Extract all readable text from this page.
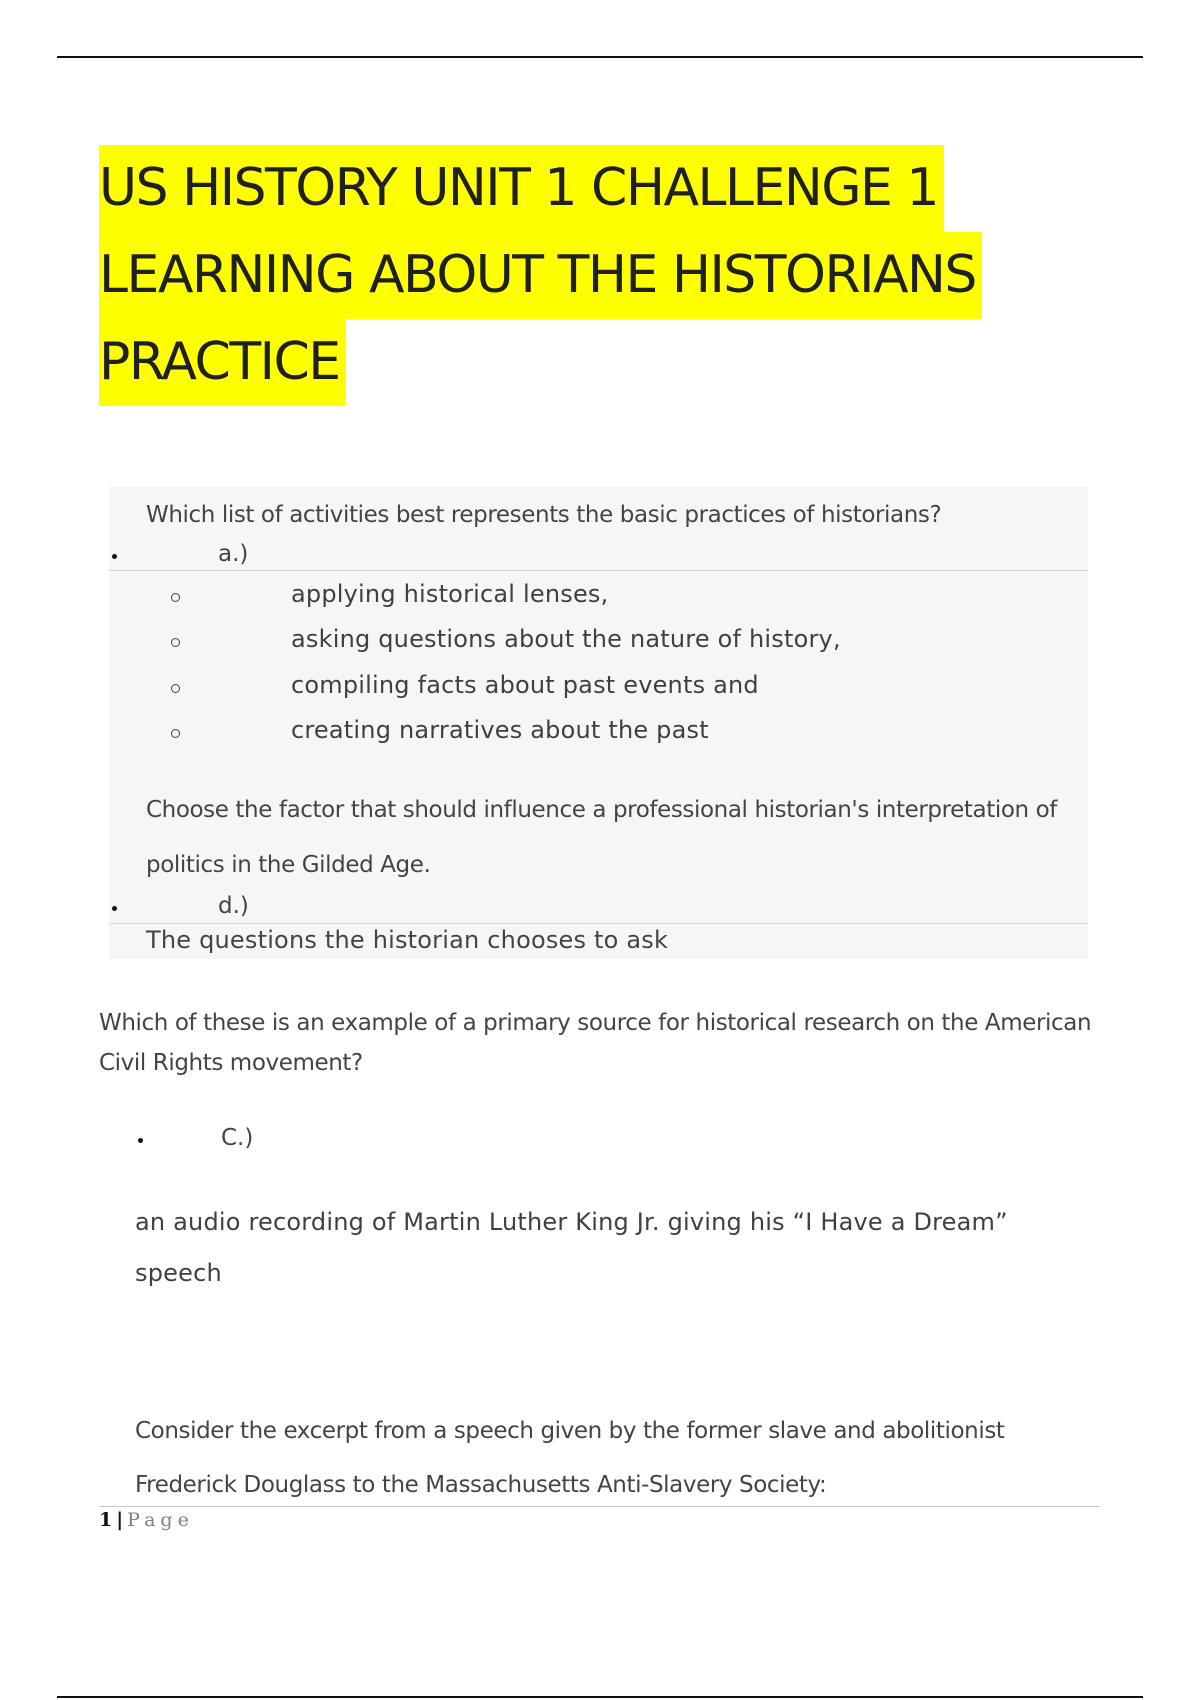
US HISTORY UNIT 1 CHALLENGE 1
LEARNING ABOUT THE HISTORIANS
PRACTICE
Which list of activities best represents the basic practices of historians?
a.)
applying historical lenses,
asking questions about the nature of history,
compiling facts about past events and
creating narratives about the past
Choose the factor that should influence a professional historian's interpretation of
politics in the Gilded Age.
d.)
The questions the historian chooses to ask
Which of these is an example of a primary source for historical research on the American Civil Rights movement?
C.)
an audio recording of Martin Luther King Jr. giving his “I Have a Dream” speech
Consider the excerpt from a speech given by the former slave and abolitionist Frederick Douglass to the Massachusetts Anti-Slavery Society:
1 | Page
